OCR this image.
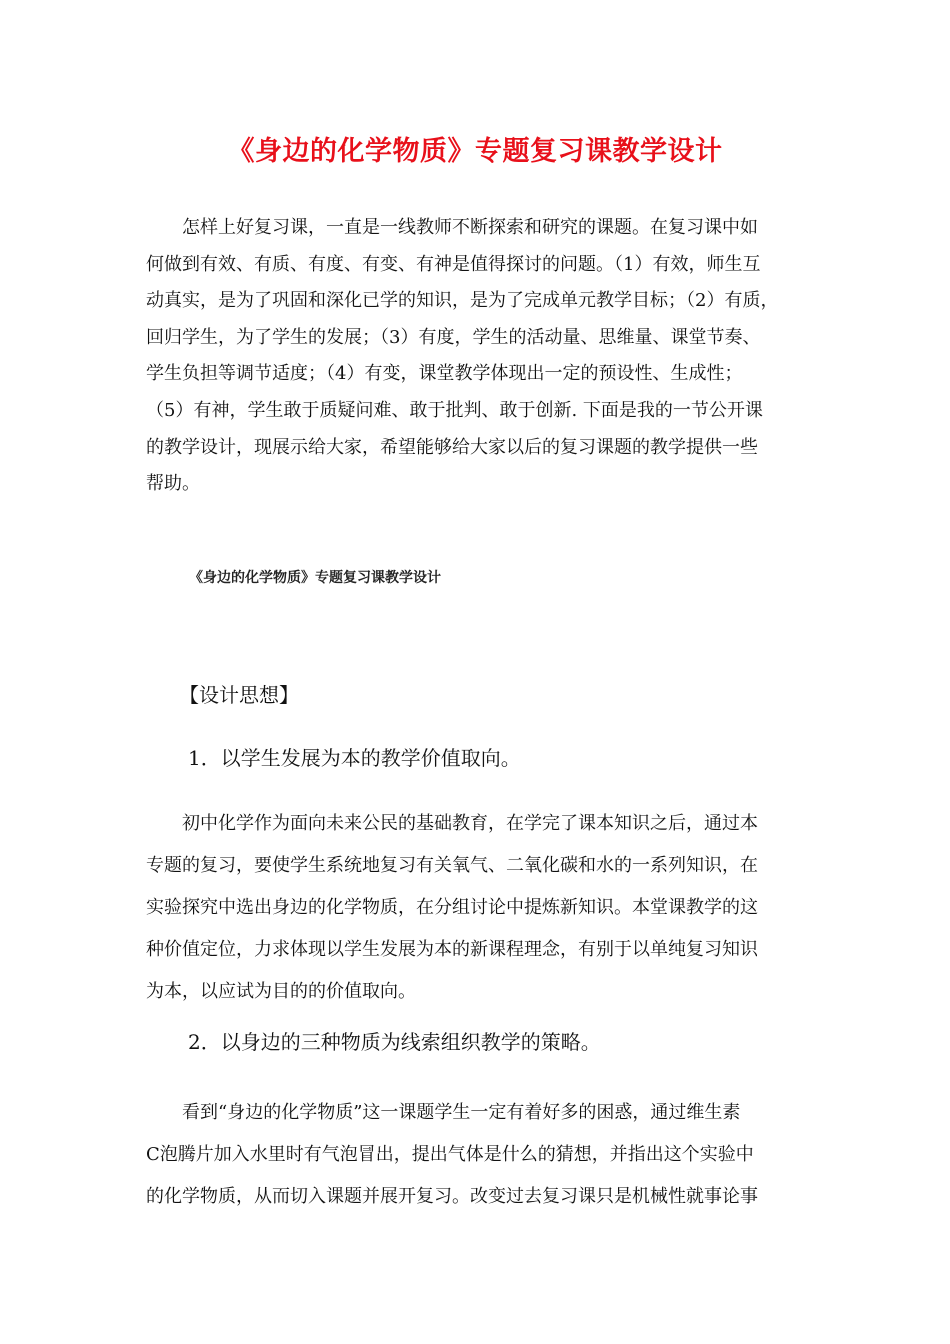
《身边的化学物质》专题复习课教学设计
怎样上好复习课，一直是一线教师不断探索和研究的课题。在复习课中如
何做到有效、有质、有度、有变、有神是值得探讨的问题。（1）有效，师生互
动真实，是为了巩固和深化已学的知识，是为了完成单元教学目标；（2）有质，
回归学生，为了学生的发展；（3）有度，学生的活动量、思维量、课堂节奏、
学生负担等调节适度；（4）有变，课堂教学体现出一定的预设性、生成性；
（5）有神，学生敢于质疑问难、敢于批判、敢于创新. 下面是我的一节公开课
的教学设计，现展示给大家，希望能够给大家以后的复习课题的教学提供一些
帮助。
《身边的化学物质》专题复习课教学设计
【设计思想】
1．以学生发展为本的教学价值取向。
初中化学作为面向未来公民的基础教育，在学完了课本知识之后，通过本
专题的复习，要使学生系统地复习有关氧气、二氧化碳和水的一系列知识，在
实验探究中选出身边的化学物质，在分组讨论中提炼新知识。本堂课教学的这
种价值定位，力求体现以学生发展为本的新课程理念，有别于以单纯复习知识
为本，以应试为目的的价值取向。
2．以身边的三种物质为线索组织教学的策略。
看到“身边的化学物质”这一课题学生一定有着好多的困惑，通过维生素
C泡腾片加入水里时有气泡冒出，提出气体是什么的猜想，并指出这个实验中
的化学物质，从而切入课题并展开复习。改变过去复习课只是机械性就事论事
